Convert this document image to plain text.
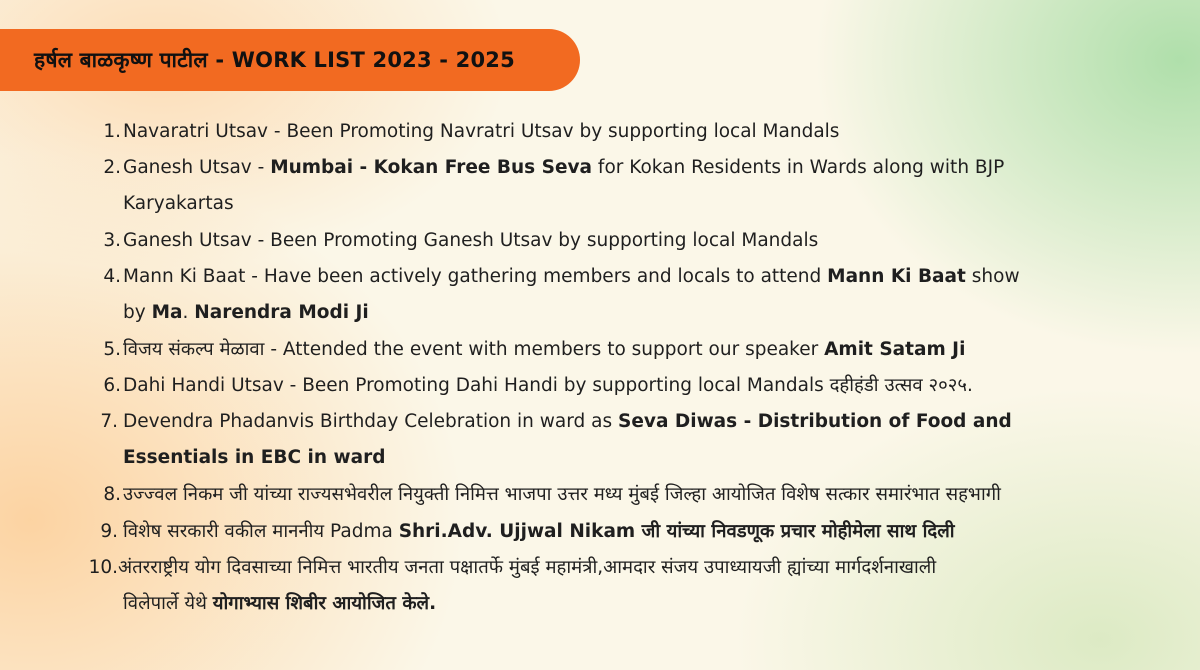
हर्षल बाळकृष्ण पाटील - WORK LIST 2023 - 2025
1. Navaratri Utsav - Been Promoting Navratri Utsav by supporting local Mandals
2. Ganesh Utsav - Mumbai - Kokan Free Bus Seva for Kokan Residents in Wards along with BJP
Karyakartas
3. Ganesh Utsav - Been Promoting Ganesh Utsav by supporting local Mandals
4. Mann Ki Baat - Have been actively gathering members and locals to attend Mann Ki Baat show
by Ma. Narendra Modi Ji
5. विजय संकल्प मेळावा - Attended the event with members to support our speaker Amit Satam Ji
6. Dahi Handi Utsav - Been Promoting Dahi Handi by supporting local Mandals दहीहंडी उत्सव २०२५.
7. Devendra Phadanvis Birthday Celebration in ward as Seva Diwas - Distribution of Food and
Essentials in EBC in ward
8. उज्ज्वल निकम जी यांच्या राज्यसभेवरील नियुक्ती निमित्त भाजपा उत्तर मध्य मुंबई जिल्हा आयोजित विशेष सत्कार समारंभात सहभागी
9. विशेष सरकारी वकील माननीय Padma Shri.Adv. Ujjwal Nikam जी यांच्या निवडणूक प्रचार मोहीमेला साथ दिली
10. अंतरराष्ट्रीय योग दिवसाच्या निमित्त भारतीय जनता पक्षातर्फे मुंबई महामंत्री,आमदार संजय उपाध्यायजी ह्यांच्या मार्गदर्शनाखाली
विलेपार्ले येथे योगाभ्यास शिबीर आयोजित केले.
